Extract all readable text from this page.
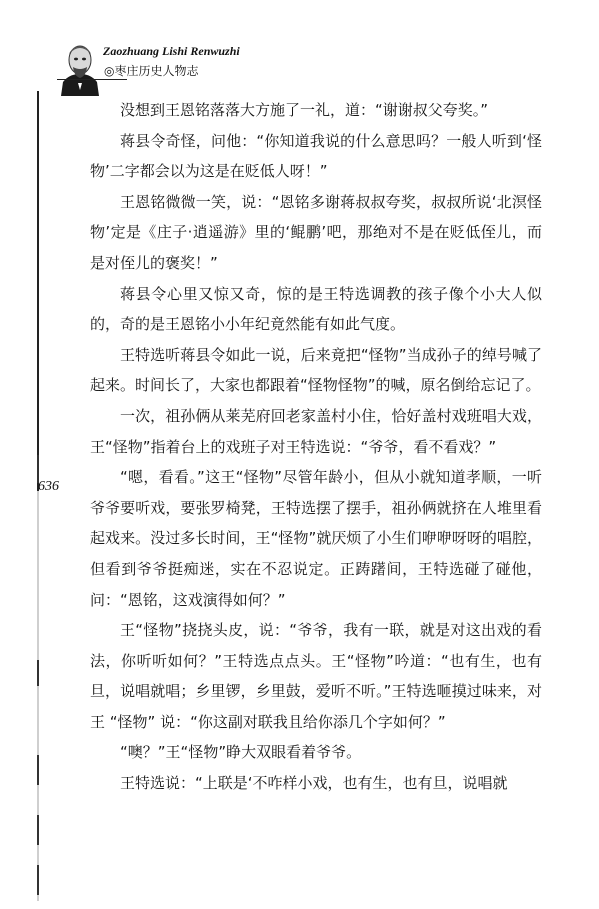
Zaozhuang Lishi Renwuzhi
◎枣庄历史人物志
636

没想到王恩铭落落大方施了一礼，道：“谢谢叔父夸奖。”

蒋县令奇怪，问他：“你知道我说的什么意思吗？一般人听到‘怪物’二字都会以为这是在贬低人呀！”

王恩铭微微一笑，说：“恩铭多谢蒋叔叔夸奖，叔叔所说‘北溟怪物’定是《庄子·逍遥游》里的‘鲲鹏’吧，那绝对不是在贬低侄儿，而是对侄儿的褒奖！”

蒋县令心里又惊又奇，惊的是王特选调教的孩子像个小大人似的，奇的是王恩铭小小年纪竟然能有如此气度。

王特选听蒋县令如此一说，后来竟把“怪物”当成孙子的绰号喊了起来。时间长了，大家也都跟着“怪物怪物”的喊，原名倒给忘记了。

一次，祖孙俩从莱芜府回老家盖村小住，恰好盖村戏班唱大戏，王“怪物”指着台上的戏班子对王特选说：“爷爷，看不看戏？”

“嗯，看看。”这王“怪物”尽管年龄小，但从小就知道孝顺，一听爷爷要听戏，要张罗椅凳，王特选摆了摆手，祖孙俩就挤在人堆里看起戏来。没过多长时间，王“怪物”就厌烦了小生们咿咿呀呀的唱腔，但看到爷爷挺痴迷，实在不忍说定。正踌躇间，王特选碰了碰他，问：“恩铭，这戏演得如何？”

王“怪物”挠挠头皮，说：“爷爷，我有一联，就是对这出戏的看法，你听听如何？”王特选点点头。王“怪物”吟道：“也有生，也有旦，说唱就唱；乡里锣，乡里鼓，爱听不听。”王特选咂摸过味来，对王 “怪物” 说：“你这副对联我且给你添几个字如何？”

“噢？”王“怪物”睁大双眼看着爷爷。

王特选说：“上联是‘不咋样小戏，也有生，也有旦，说唱就
